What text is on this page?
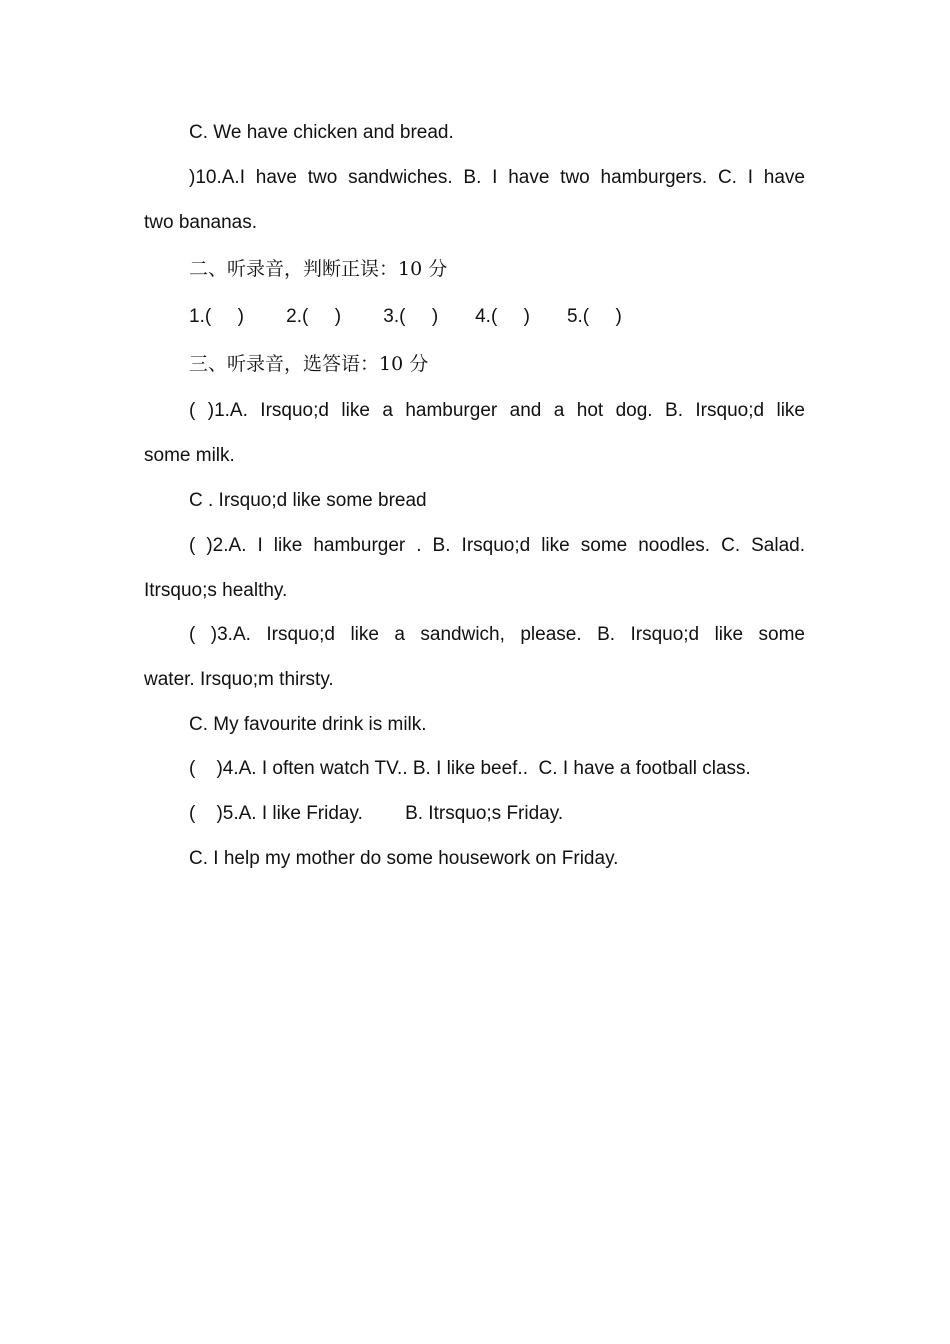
C. We have chicken and bread.

)10.A.I have two sandwiches. B. I have two hamburgers. C. I have

two bananas.

二、听录音，判断正误：10 分

1.(     )        2.(     )        3.(     )       4.(     )       5.(     )

三、听录音，选答语：10 分

( )1.A. Irsquo;d like a hamburger and a hot dog. B. Irsquo;d like

some milk.

C . Irsquo;d like some bread

( )2.A. I like hamburger . B. Irsquo;d like some noodles. C. Salad.

Itrsquo;s healthy.

( )3.A. Irsquo;d like a sandwich, please. B. Irsquo;d like some

water. Irsquo;m thirsty.

C. My favourite drink is milk.

(    )4.A. I often watch TV.. B. I like beef..  C. I have a football class.

(    )5.A. I like Friday.        B. Itrsquo;s Friday.

C. I help my mother do some housework on Friday.
